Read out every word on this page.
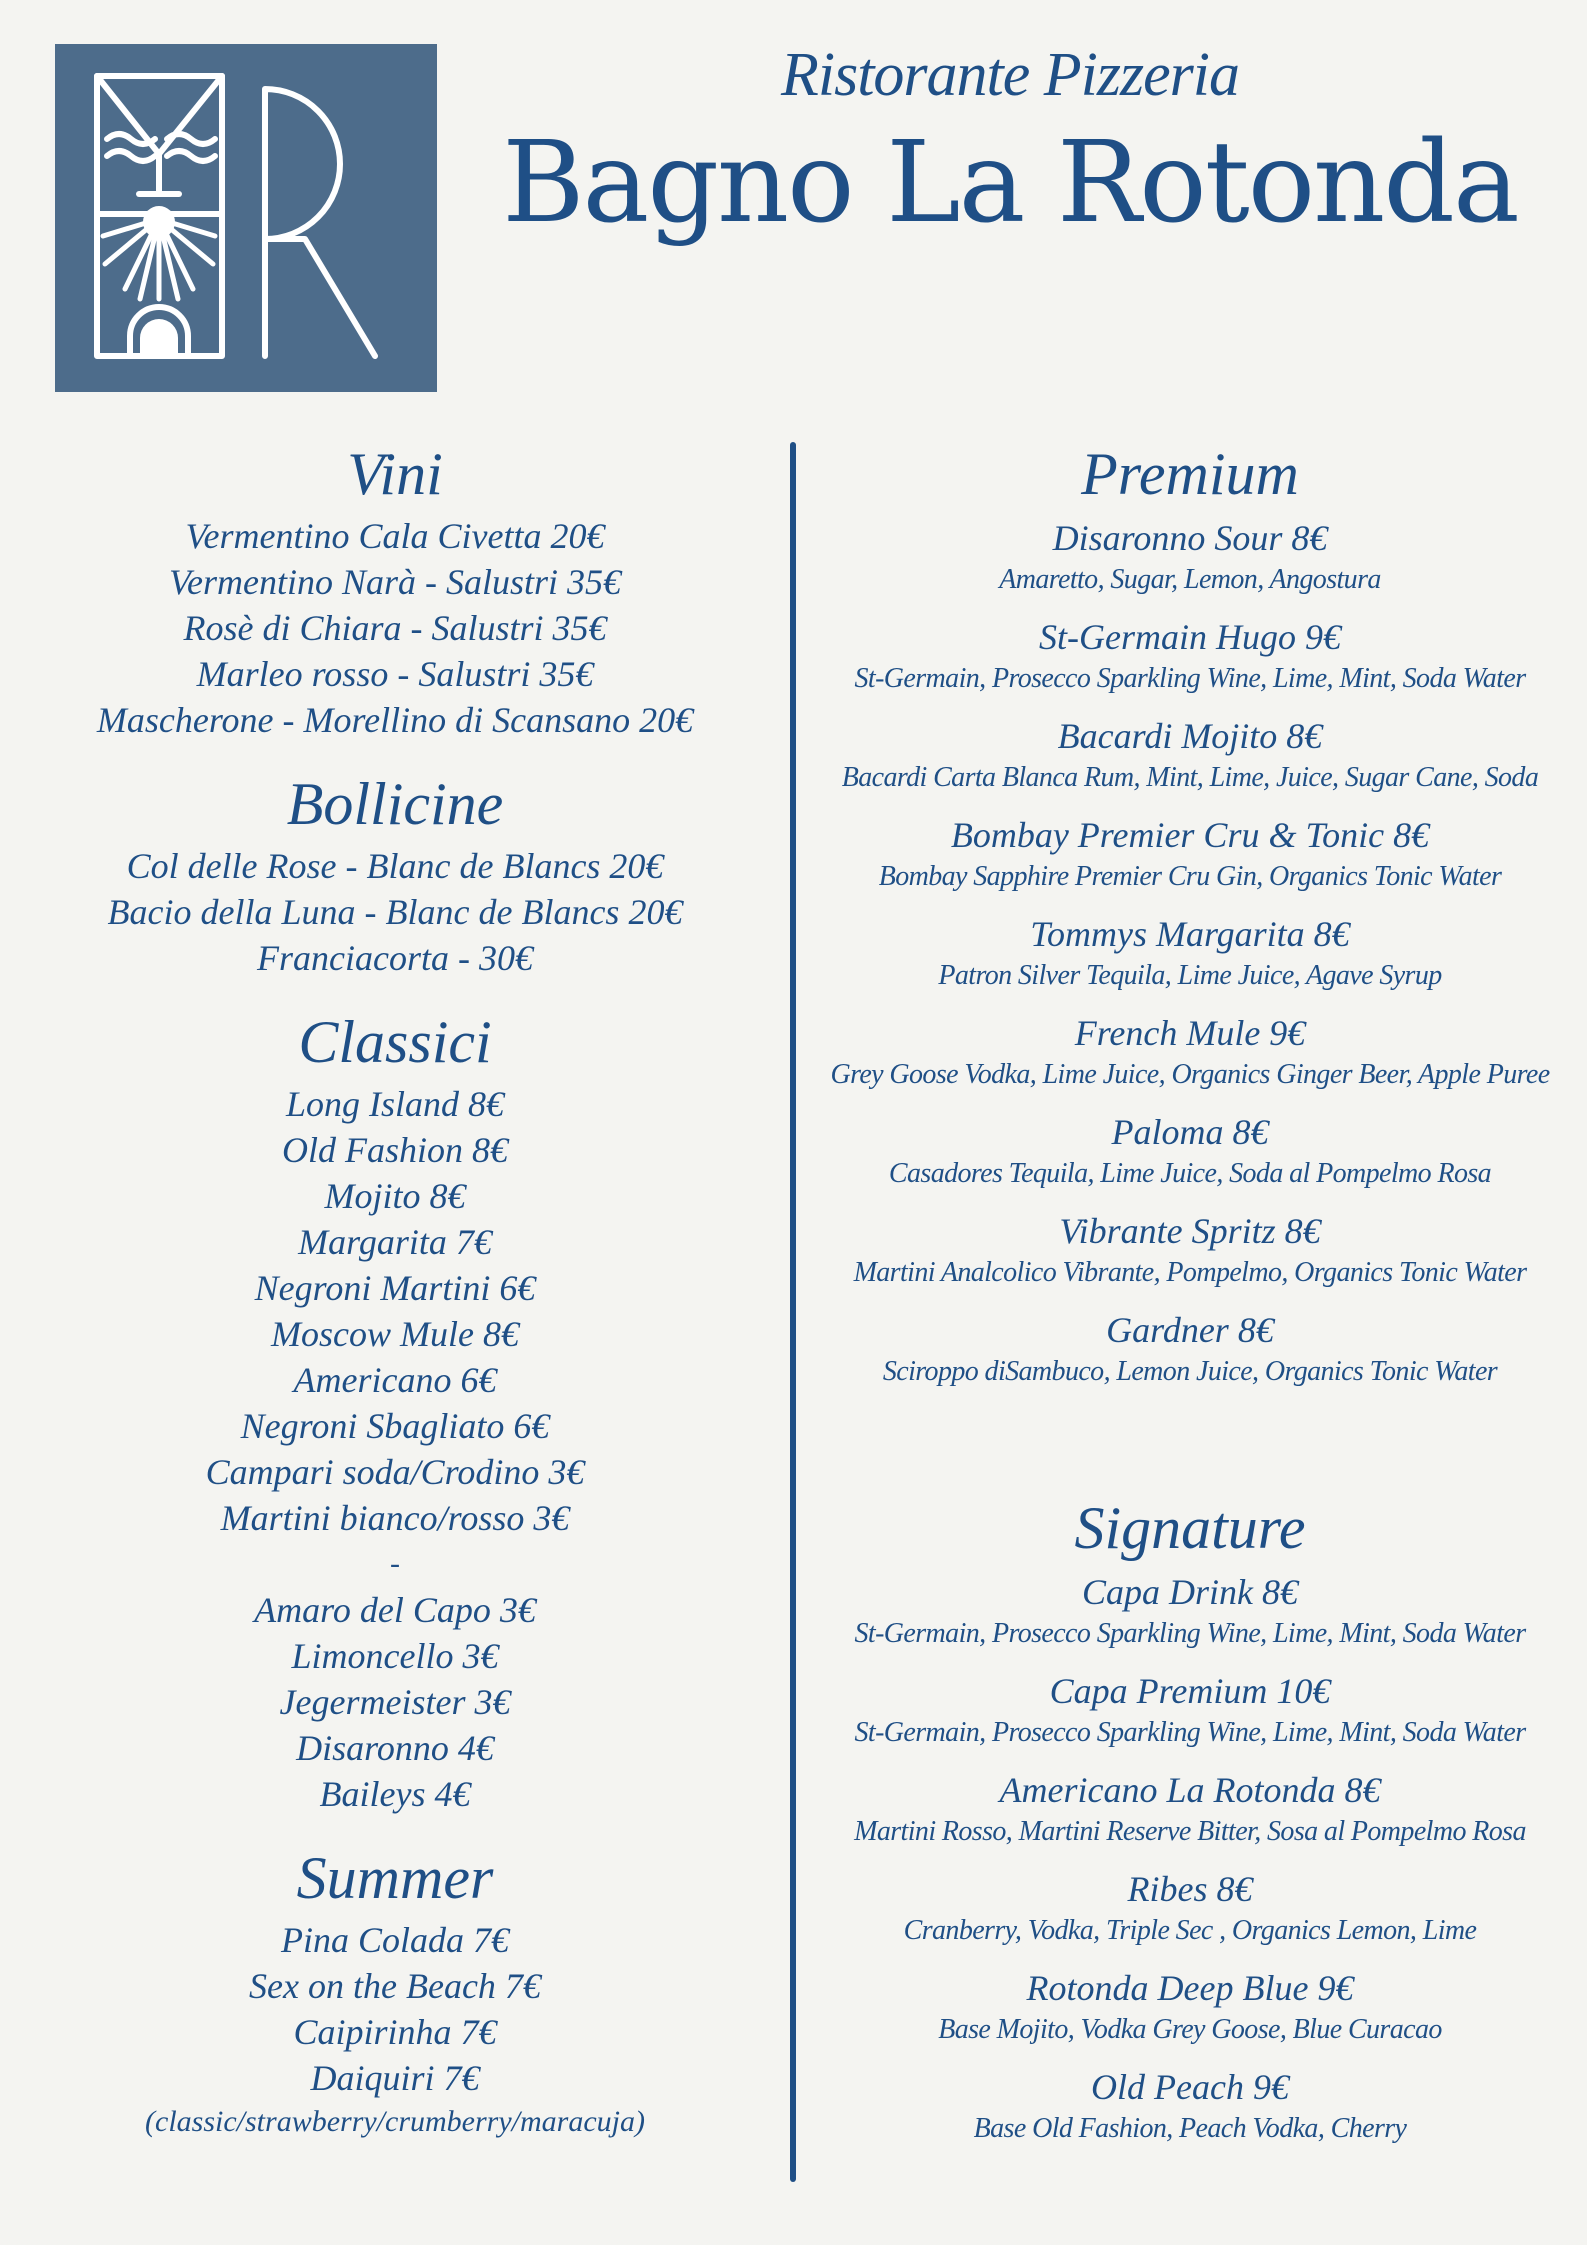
Ristorante Pizzeria
Bagno La Rotonda
Vini
Vermentino Cala Civetta 20€
Vermentino Narà - Salustri 35€
Rosè di Chiara - Salustri 35€
Marleo rosso - Salustri 35€
Mascherone - Morellino di Scansano 20€
Bollicine
Col delle Rose - Blanc de Blancs 20€
Bacio della Luna - Blanc de Blancs 20€
Franciacorta - 30€
Classici
Long Island 8€
Old Fashion 8€
Mojito 8€
Margarita 7€
Negroni Martini 6€
Moscow Mule 8€
Americano 6€
Negroni Sbagliato 6€
Campari soda/Crodino 3€
Martini bianco/rosso 3€
-
Amaro del Capo 3€
Limoncello 3€
Jegermeister 3€
Disaronno 4€
Baileys 4€
Summer
Pina Colada 7€
Sex on the Beach 7€
Caipirinha 7€
Daiquiri 7€
(classic/strawberry/crumberry/maracuja)
Premium
Disaronno Sour 8€
Amaretto, Sugar, Lemon, Angostura
St-Germain Hugo 9€
St-Germain, Prosecco Sparkling Wine, Lime, Mint, Soda Water
Bacardi Mojito 8€
Bacardi Carta Blanca Rum, Mint, Lime, Juice, Sugar Cane, Soda
Bombay Premier Cru & Tonic 8€
Bombay Sapphire Premier Cru Gin, Organics Tonic Water
Tommys Margarita 8€
Patron Silver Tequila, Lime Juice, Agave Syrup
French Mule 9€
Grey Goose Vodka, Lime Juice, Organics Ginger Beer, Apple Puree
Paloma 8€
Casadores Tequila, Lime Juice, Soda al Pompelmo Rosa
Vibrante Spritz 8€
Martini Analcolico Vibrante, Pompelmo, Organics Tonic Water
Gardner 8€
Sciroppo diSambuco, Lemon Juice, Organics Tonic Water
Signature
Capa Drink 8€
St-Germain, Prosecco Sparkling Wine, Lime, Mint, Soda Water
Capa Premium 10€
St-Germain, Prosecco Sparkling Wine, Lime, Mint, Soda Water
Americano La Rotonda 8€
Martini Rosso, Martini Reserve Bitter, Sosa al Pompelmo Rosa
Ribes 8€
Cranberry, Vodka, Triple Sec , Organics Lemon, Lime
Rotonda Deep Blue 9€
Base Mojito, Vodka Grey Goose, Blue Curacao
Old Peach 9€
Base Old Fashion, Peach Vodka, Cherry
